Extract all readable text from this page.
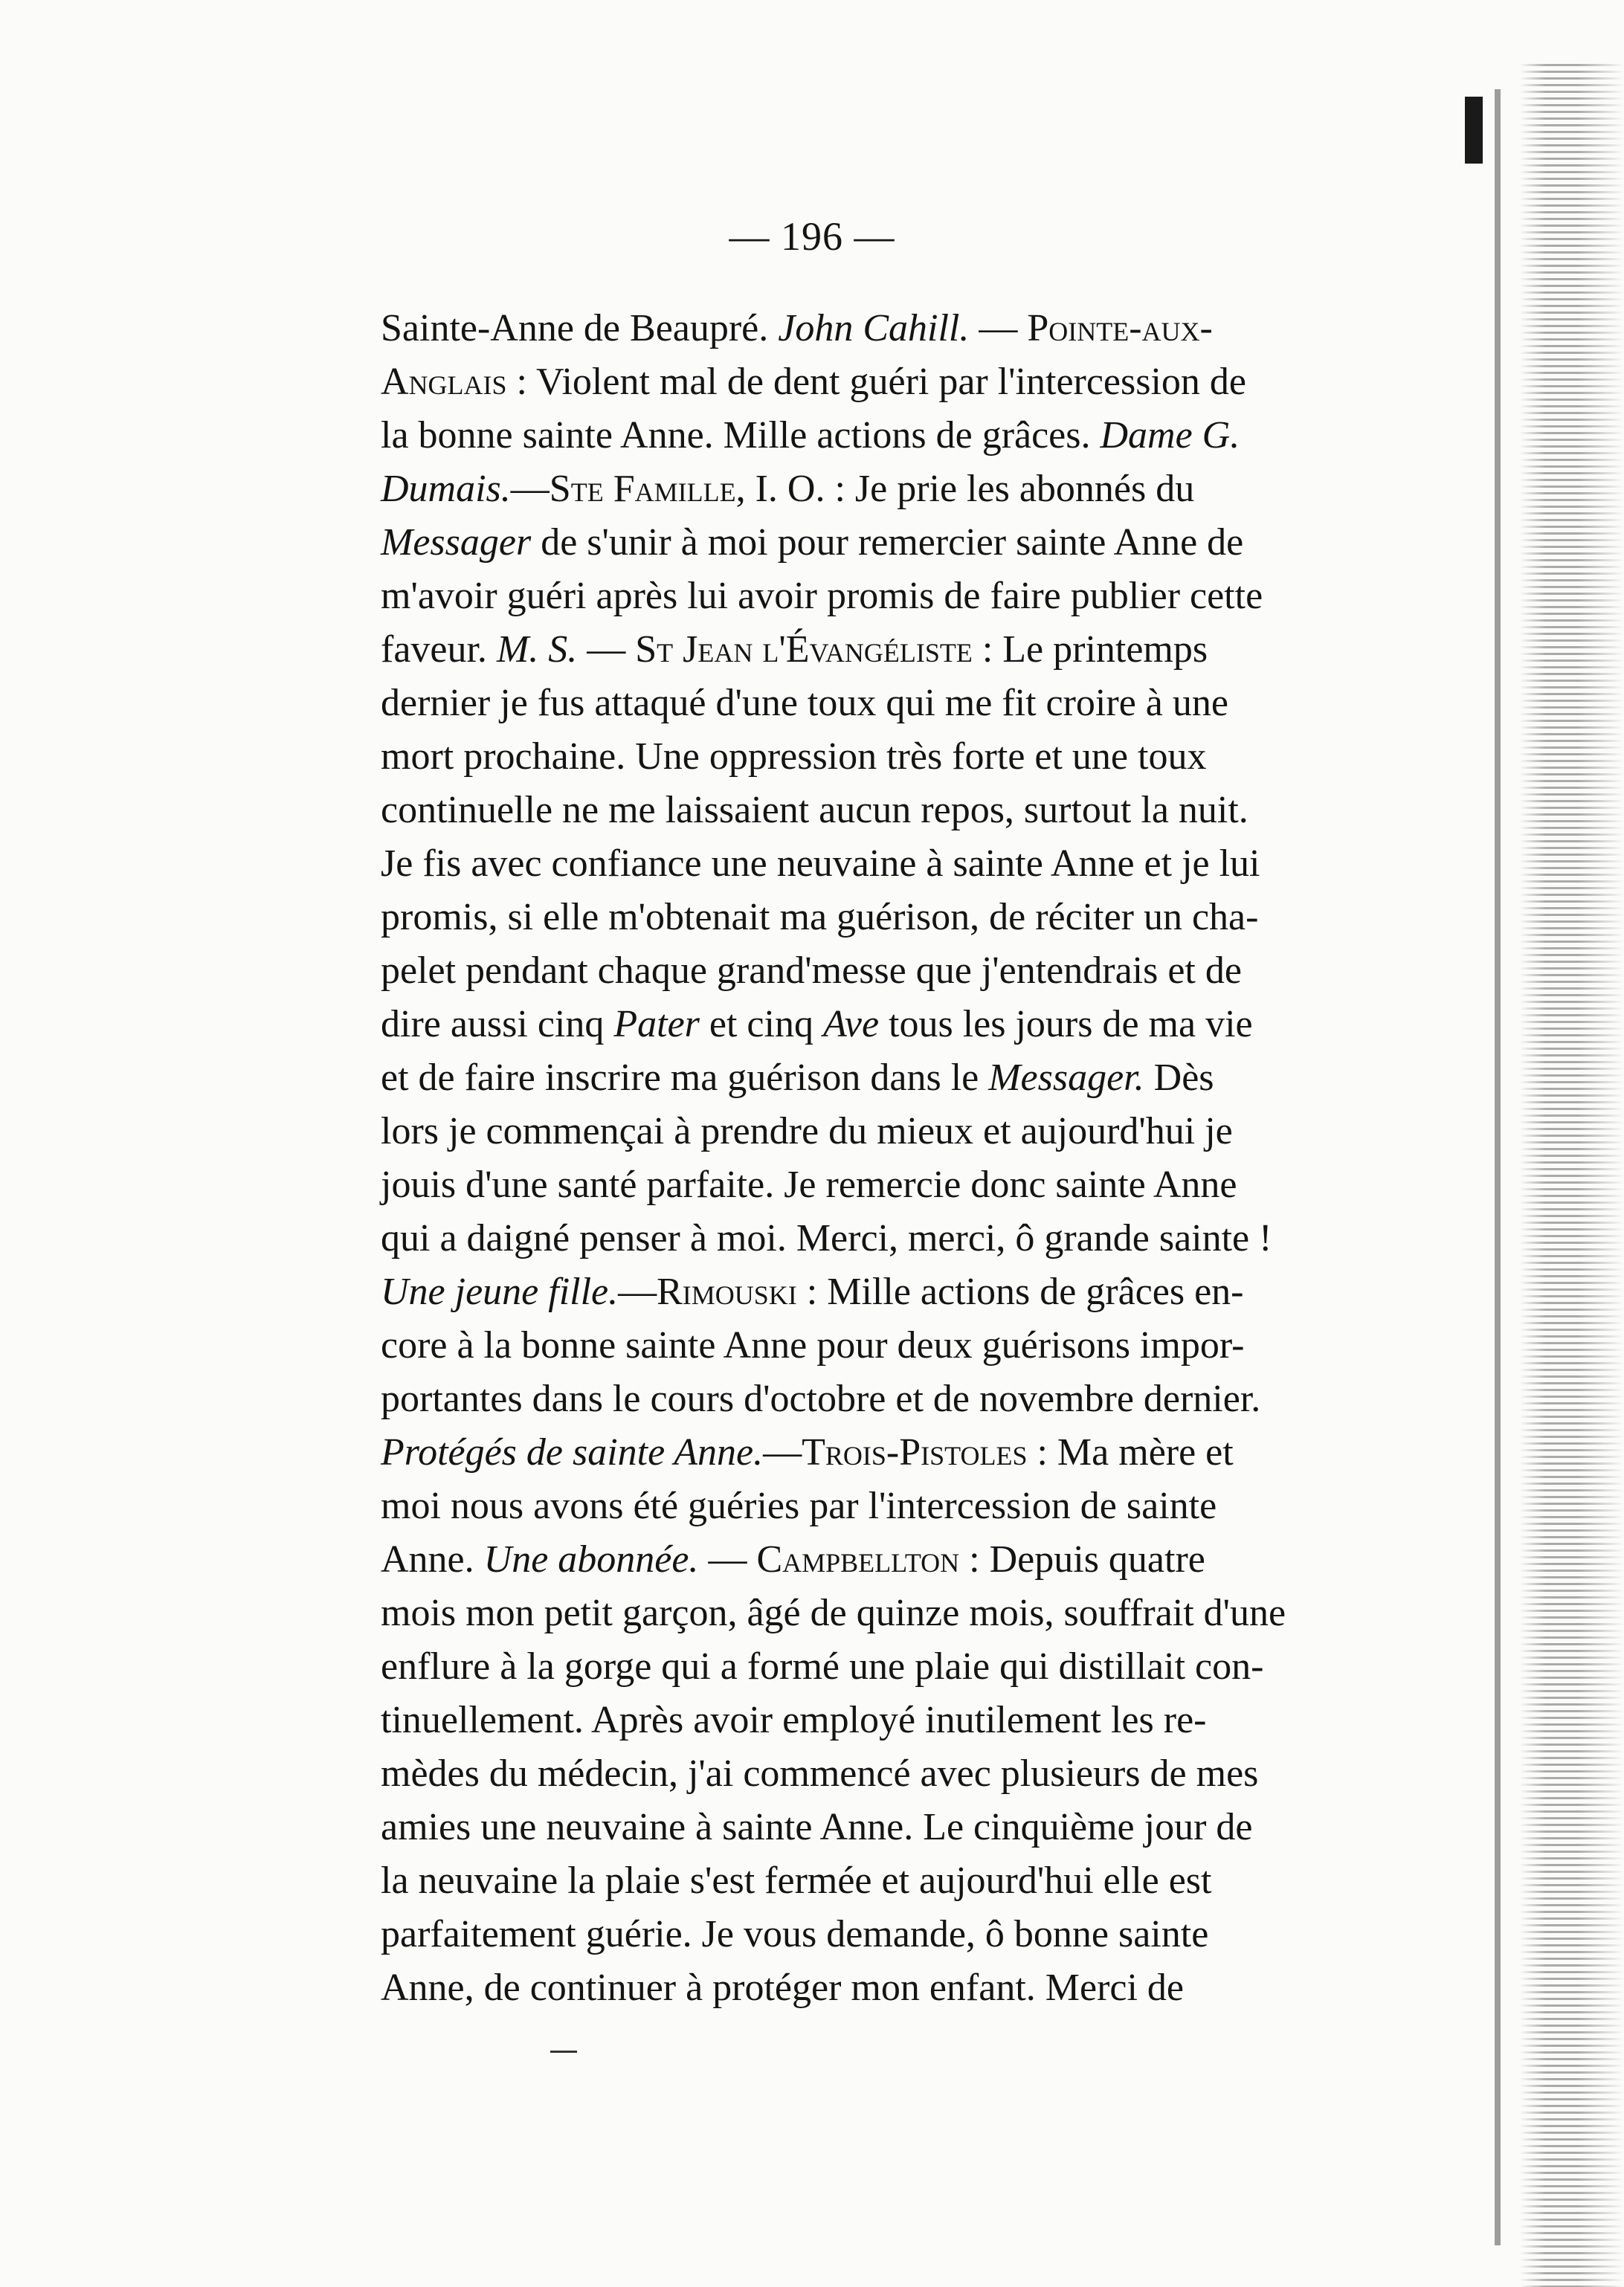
— 196 —
Sainte-Anne de Beaupré. John Cahill. — Pointe-aux-
Anglais : Violent mal de dent guéri par l'intercession de
la bonne sainte Anne. Mille actions de grâces. Dame G.
Dumais.—Ste Famille, I. O. : Je prie les abonnés du
Messager de s'unir à moi pour remercier sainte Anne de
m'avoir guéri après lui avoir promis de faire publier cette
faveur. M. S. — St Jean l'Évangéliste : Le printemps
dernier je fus attaqué d'une toux qui me fit croire à une
mort prochaine. Une oppression très forte et une toux
continuelle ne me laissaient aucun repos, surtout la nuit.
Je fis avec confiance une neuvaine à sainte Anne et je lui
promis, si elle m'obtenait ma guérison, de réciter un cha-
pelet pendant chaque grand'messe que j'entendrais et de
dire aussi cinq Pater et cinq Ave tous les jours de ma vie
et de faire inscrire ma guérison dans le Messager. Dès
lors je commençai à prendre du mieux et aujourd'hui je
jouis d'une santé parfaite. Je remercie donc sainte Anne
qui a daigné penser à moi. Merci, merci, ô grande sainte !
Une jeune fille.—Rimouski : Mille actions de grâces en-
core à la bonne sainte Anne pour deux guérisons impor-
portantes dans le cours d'octobre et de novembre dernier.
Protégés de sainte Anne.—Trois-Pistoles : Ma mère et
moi nous avons été guéries par l'intercession de sainte
Anne. Une abonnée. — Campbellton : Depuis quatre
mois mon petit garçon, âgé de quinze mois, souffrait d'une
enflure à la gorge qui a formé une plaie qui distillait con-
tinuellement. Après avoir employé inutilement les re-
mèdes du médecin, j'ai commencé avec plusieurs de mes
amies une neuvaine à sainte Anne. Le cinquième jour de
la neuvaine la plaie s'est fermée et aujourd'hui elle est
parfaitement guérie. Je vous demande, ô bonne sainte
Anne, de continuer à protéger mon enfant. Merci de
